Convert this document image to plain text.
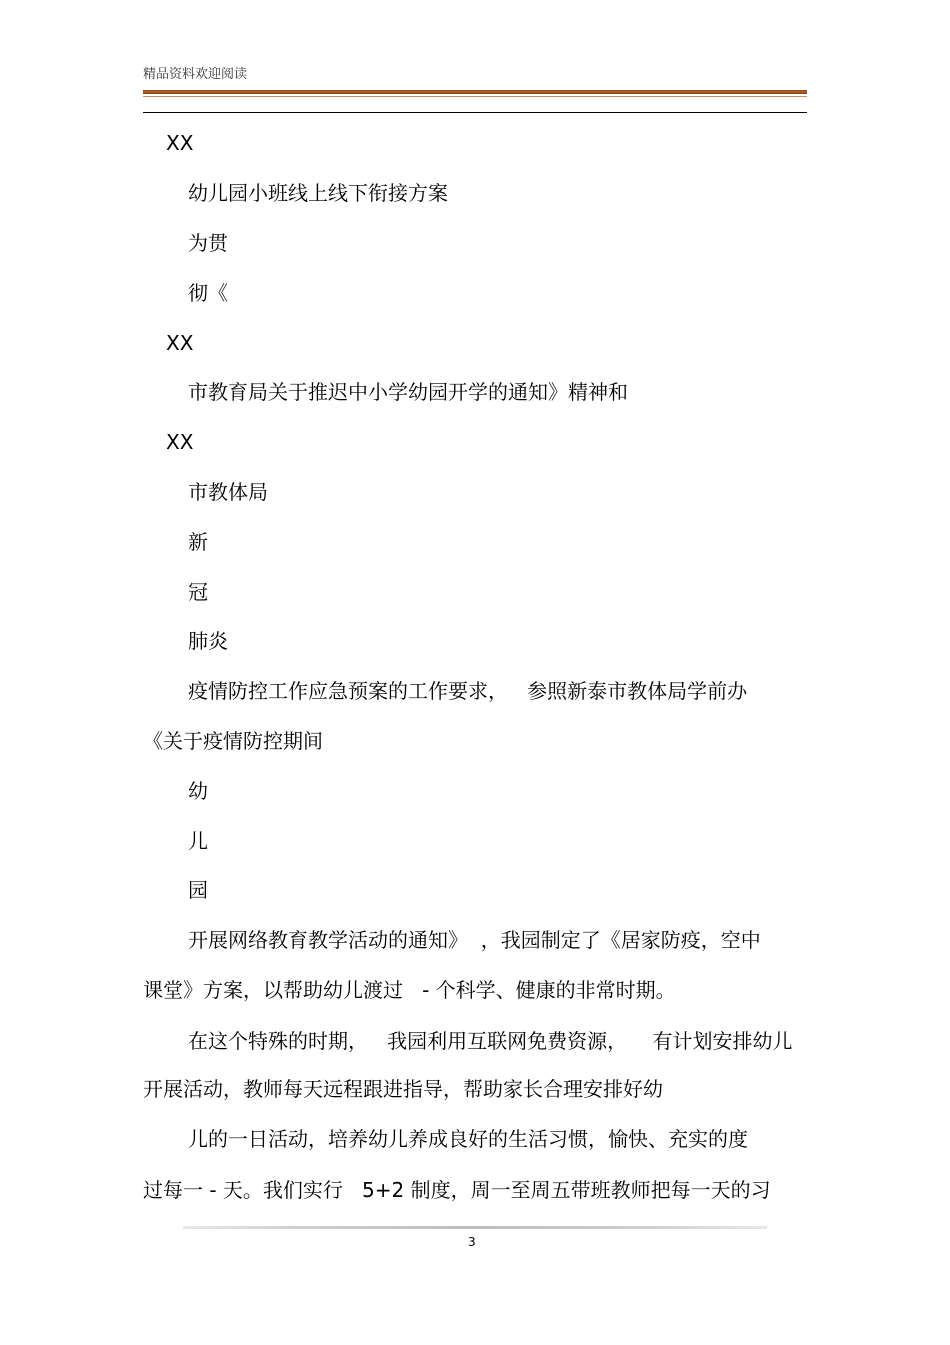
精品资料欢迎阅读
XX
幼儿园小班线上线下衔接方案
为贯
彻《
XX
市教育局关于推迟中小学幼园开学的通知》精神和
XX
市教体局
新
冠
肺炎
疫情防控工作应急预案的工作要求，   参照新泰市教体局学前办
《关于疫情防控期间
幼
儿
园
开展网络教育教学活动的通知》  ，我园制定了《居家防疫，空中
课堂》方案，以帮助幼儿渡过   - 个科学、健康的非常时期。
在这个特殊的时期，   我园利用互联网免费资源，    有计划安排幼儿
开展活动，教师每天远程跟进指导，帮助家长合理安排好幼
儿的一日活动，培养幼儿养成良好的生活习惯，愉快、充实的度
过每一 - 天。我们实行   5+2 制度，周一至周五带班教师把每一天的习
3
